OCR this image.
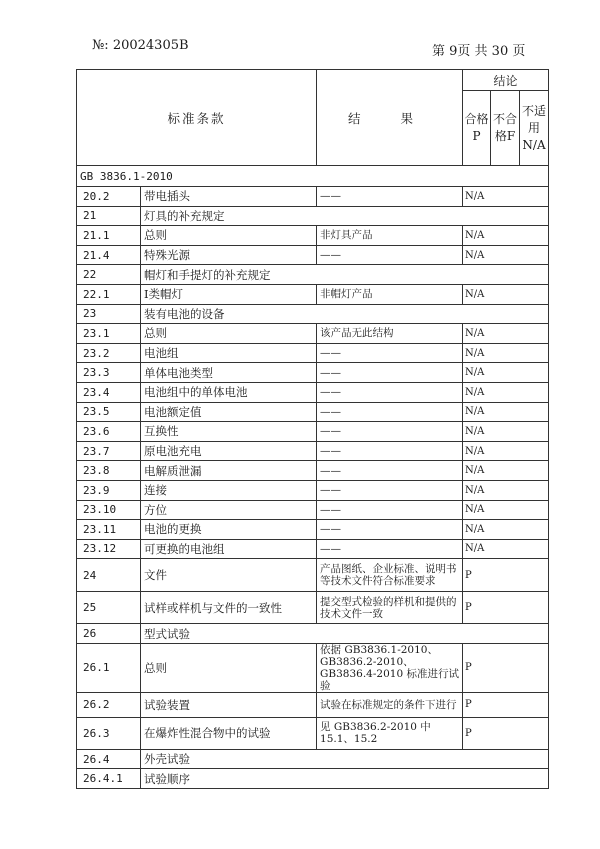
№: 20024305B	第 9页 共 30 页
标准条款		结 果	结论		
			合格P	不合格F	不适用N/A
GB 3836.1-2010					
20.2	带电插头	——	N/A		
21	灯具的补充规定				
21.1	总则	非灯具产品	N/A		
21.4	特殊光源	——	N/A		
22	帽灯和手提灯的补充规定				
22.1	Ⅰ类帽灯	非帽灯产品	N/A		
23	装有电池的设备				
23.1	总则	该产品无此结构	N/A		
23.2	电池组	——	N/A		
23.3	单体电池类型	——	N/A		
23.4	电池组中的单体电池	——	N/A		
23.5	电池额定值	——	N/A		
23.6	互换性	——	N/A		
23.7	原电池充电	——	N/A		
23.8	电解质泄漏	——	N/A		
23.9	连接	——	N/A		
23.10	方位	——	N/A		
23.11	电池的更换	——	N/A		
23.12	可更换的电池组	——	N/A		
24	文件	产品图纸、企业标准、说明书等技术文件符合标准要求	P		
25	试样或样机与文件的一致性	提交型式检验的样机和提供的技术文件一致	P		
26	型式试验				
26.1	总则	依据 GB3836.1-2010、GB3836.2-2010、GB3836.4-2010 标准进行试验	P		
26.2	试验装置	试验在标准规定的条件下进行	P		
26.3	在爆炸性混合物中的试验	见 GB3836.2-2010 中 15.1、15.2	P		
26.4	外壳试验				
26.4.1	试验顺序				
